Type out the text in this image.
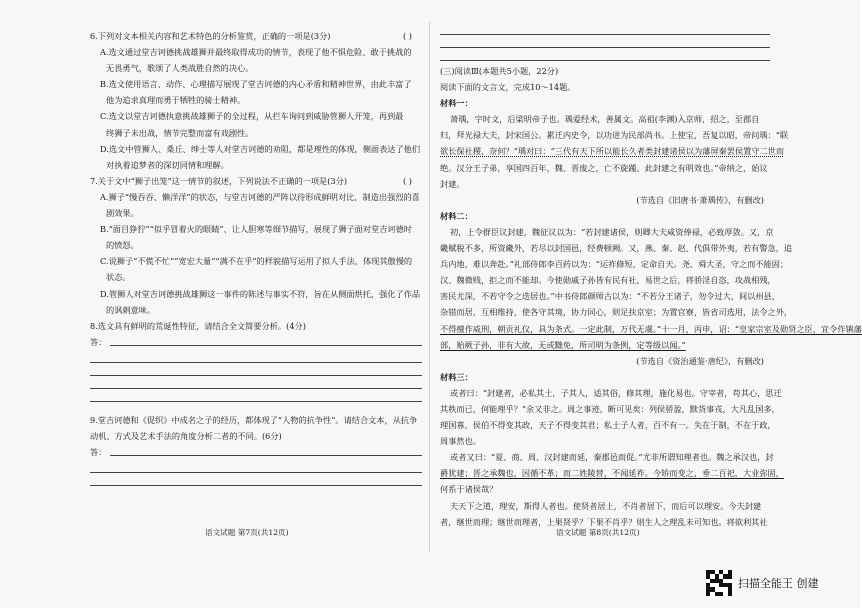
6.下列对文本相关内容和艺术特色的分析鉴赏，正确的一项是(3分)	( )
A.选文通过堂吉诃德挑战雄狮并最终取得成功的情节，表现了他不惧危险、敢于挑战的
无畏勇气，歌颂了人类战胜自然的决心。
B.选文使用语言、动作、心理描写展现了堂吉诃德的内心矛盾和精神世界，由此丰富了
他为追求真理而勇于牺牲的骑士精神。
C.选文以堂吉诃德执意挑战雄狮子的全过程，从拦车询问到威胁管狮人开笼，再到最
终狮子未出战，情节完整而富有戏剧性。
D.选文中管狮人、桑丘、绅士等人对堂吉诃德的劝阻，都是理性的体现，侧面表达了他们
对执着追梦者的深切同情和理解。
7.关于文中“狮子出笼”这一情节的叙述，下列说法不正确的一项是(3分)	( )
A.狮子“慢吞吞、懒洋洋”的状态，与堂吉诃德的严阵以待形成鲜明对比，制造出强烈的喜
剧效果。
B.“面目狰狞”“似乎冒着火的眼睛”、让人胆寒等细节描写，展现了狮子面对堂吉诃德时
的愤怒。
C.说狮子“不慌不忙”“宽宏大量”“满不在乎”的样貌描写运用了拟人手法，体现其傲慢的
状态。
D.管狮人对堂吉诃德挑战雄狮这一事件的陈述与事实不符，旨在从侧面烘托，强化了作品
的讽刺意味。
8.选文具有鲜明的荒诞性特征，请结合全文简要分析。(4分)
答：
9.堂吉诃德和《促织》中成名之子的经历，都体现了“人物的抗争性”。请结合文本，从抗争
动机、方式及艺术手法的角度分析二者的不同。(6分)
答：
语文试题 第7页(共12页)
(三)阅读Ⅲ(本题共5小题，22分)
阅读下面的文言文，完成10～14题。
材料一：
萧瑀，字时文，后梁明帝子也。瑀爱经术，善属文。高祖(李渊)入京师，招之，至郡自
归，拜光禄大夫，封宋国公。累迁内史令，以功进为民部尚书。上使宝，吾复以昭，帝问瑀：“联
欲长保社稷，奈何？”瑀对曰：“三代有天下所以能长久者类封建诸侯以为藩屏秦罢侯置守二世而
绝。汉分王子弟，享国四百年，魏、晋废之，亡不旋踵。此封建之有明效也。”帝纳之，始议
封建。
(节选自《旧唐书·萧瑀传》，有删改)
材料二：
初，上令群臣议封建，魏征议以为：“若封建诸侯，则卿大夫咸资俸禄，必致厚敛。又，京
畿赋税不多，所资畿外，若尽以封国邑，经费顿阙。又，燕、秦、赵、代俱带外夷，若有警急，追
兵内地，难以奔赴。”礼部侍郎李百药以为：“运祚修短，定命自天。尧、舜大圣，守之而不能固；
汉、魏微贱，拒之而不能却。今使勋戚子孙皆有民有社，易世之后，将骄淫自恣，攻战相残，
害民尤深，不若守令之迭居也。”中书侍郎颜师古以为：“不若分王诸子，勿令过大，间以州县，
杂错而居，互相维持，使各守其境，协力同心，则足扶京室；为置官寮，皆省司选用，法令之外，
不得擅作威刑，朝贡礼仪，具为条式。一定此制，万代无虞。”十一月，丙申，诏：“皇家宗室及勋贤之臣，宜令作镇藩
部，贻厥子孙，非有大故，无或黜免，所司明为条例，定等级以闻。”
(节选自《资治通鉴·唐纪》，有删改)
材料三：
或者曰：“封建者，必私其土，子其人，适其俗，修其理，施化易也。守宰者，苟其心，思迁
其秩而已，何能理乎？”余又非之。周之事迹，断可见矣：列侯骄盈，黩货事戎，大凡乱国多，
理国寡，侯伯不得变其政，天子不得变其君；私土子人者，百不有一。失在于制，不在于政，
周事然也。
或者又曰：“夏、商、周、汉封建而延，秦郡邑而促。”尤非所谓知理者也。魏之承汉也，封
爵犹建；晋之承魏也，因循不革；而二姓陵替，不闻延祚。今矫而变之，垂二百祀，大业弥固，
何系于诸侯哉？
夫天下之道，理安，斯得人者也。使贤者居上，不肖者居下，而后可以理安。今夫封建
者，继世而理；继世而理者，上果贤乎？下果不肖乎？则生人之理乱未可知也。将欲利其社
语文试题 第8页(共12页)
扫描全能王 创建
